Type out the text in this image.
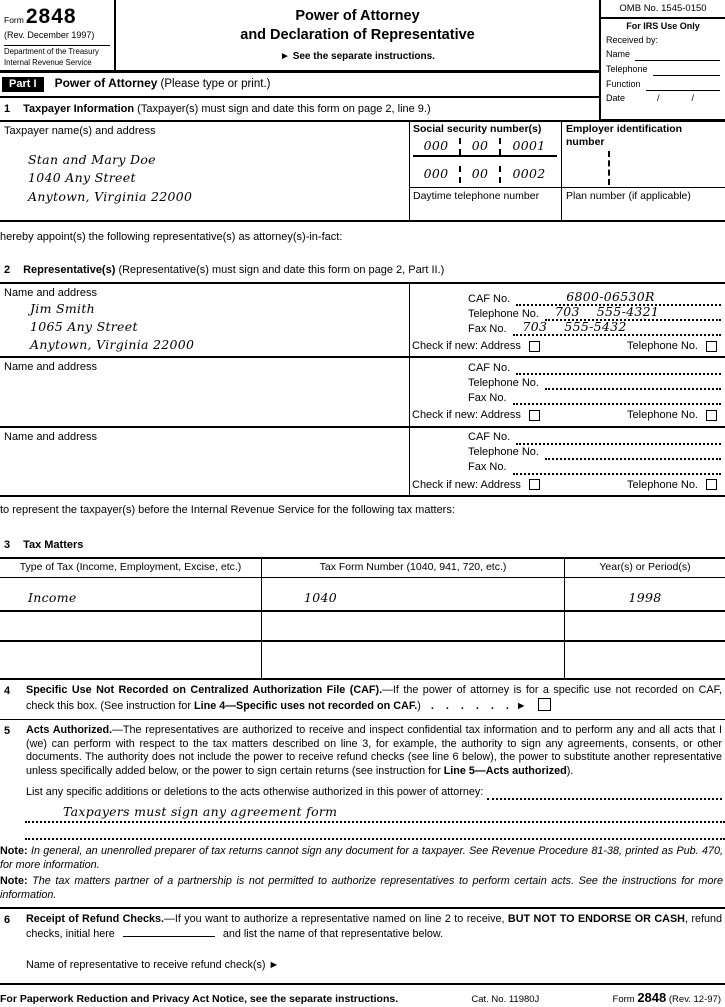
OMB No. 1545-0150
For IRS Use Only
Received by:
Name
Telephone
Function
Date	/	/
Form2848
(Rev. December 1997)
Department of the Treasury
Internal Revenue Service
Power of Attorney
and Declaration of Representative
► See the separate instructions.
Part I Power of Attorney (Please type or print.)
1 Taxpayer Information (Taxpayer(s) must sign and date this form on page 2, line 9.)
Taxpayer name(s) and address
Stan and Mary Doe
1040 Any Street
Anytown, Virginia 22000
Social security number(s)
000	00	0001
000	00	0002
Employer identification number
Daytime telephone number	Plan number (if applicable)
hereby appoint(s) the following representative(s) as attorney(s)-in-fact:
2 Representative(s) (Representative(s) must sign and date this form on page 2, Part II.)
Name and address
Jim Smith
1065 Any Street
Anytown, Virginia 22000
CAF No.	6800-06530R
Telephone No.	703    555-4321
Fax No.	703    555-5432
Check if new: Address	Telephone No.
Name and address	CAF No.
Telephone No.
Fax No.
Check if new: Address	Telephone No.
Name and address	CAF No.
Telephone No.
Fax No.
Check if new: Address	Telephone No.
to represent the taxpayer(s) before the Internal Revenue Service for the following tax matters:
3 Tax Matters
Type of Tax (Income, Employment, Excise, etc.)	Tax Form Number (1040, 941, 720, etc.)	Year(s) or Period(s)
Income	1040	1998
4	Specific Use Not Recorded on Centralized Authorization File (CAF).—If the power of attorney is for a specific use not recorded on CAF, check this box. (See instruction for Line 4—Specific uses not recorded on CAF.)  .  .  .  .  .  . ►
5	Acts Authorized.—The representatives are authorized to receive and inspect confidential tax information and to perform any and all acts that I (we) can perform with respect to the tax matters described on line 3, for example, the authority to sign any agreements, consents, or other documents. The authority does not include the power to receive refund checks (see line 6 below), the power to substitute another representative unless specifically added below, or the power to sign certain returns (see instruction for Line 5—Acts authorized).
List any specific additions or deletions to the acts otherwise authorized in this power of attorney:
Taxpayers must sign any agreement form
Note: In general, an unenrolled preparer of tax returns cannot sign any document for a taxpayer. See Revenue Procedure 81-38, printed as Pub. 470, for more information.
Note: The tax matters partner of a partnership is not permitted to authorize representatives to perform certain acts. See the instructions for more information.
6	Receipt of Refund Checks.—If you want to authorize a representative named on line 2 to receive, BUT NOT TO ENDORSE OR CASH, refund checks, initial here	and list the name of that representative below.
Name of representative to receive refund check(s) ►
For Paperwork Reduction and Privacy Act Notice, see the separate instructions.	Cat. No. 11980J	Form 2848 (Rev. 12-97)
